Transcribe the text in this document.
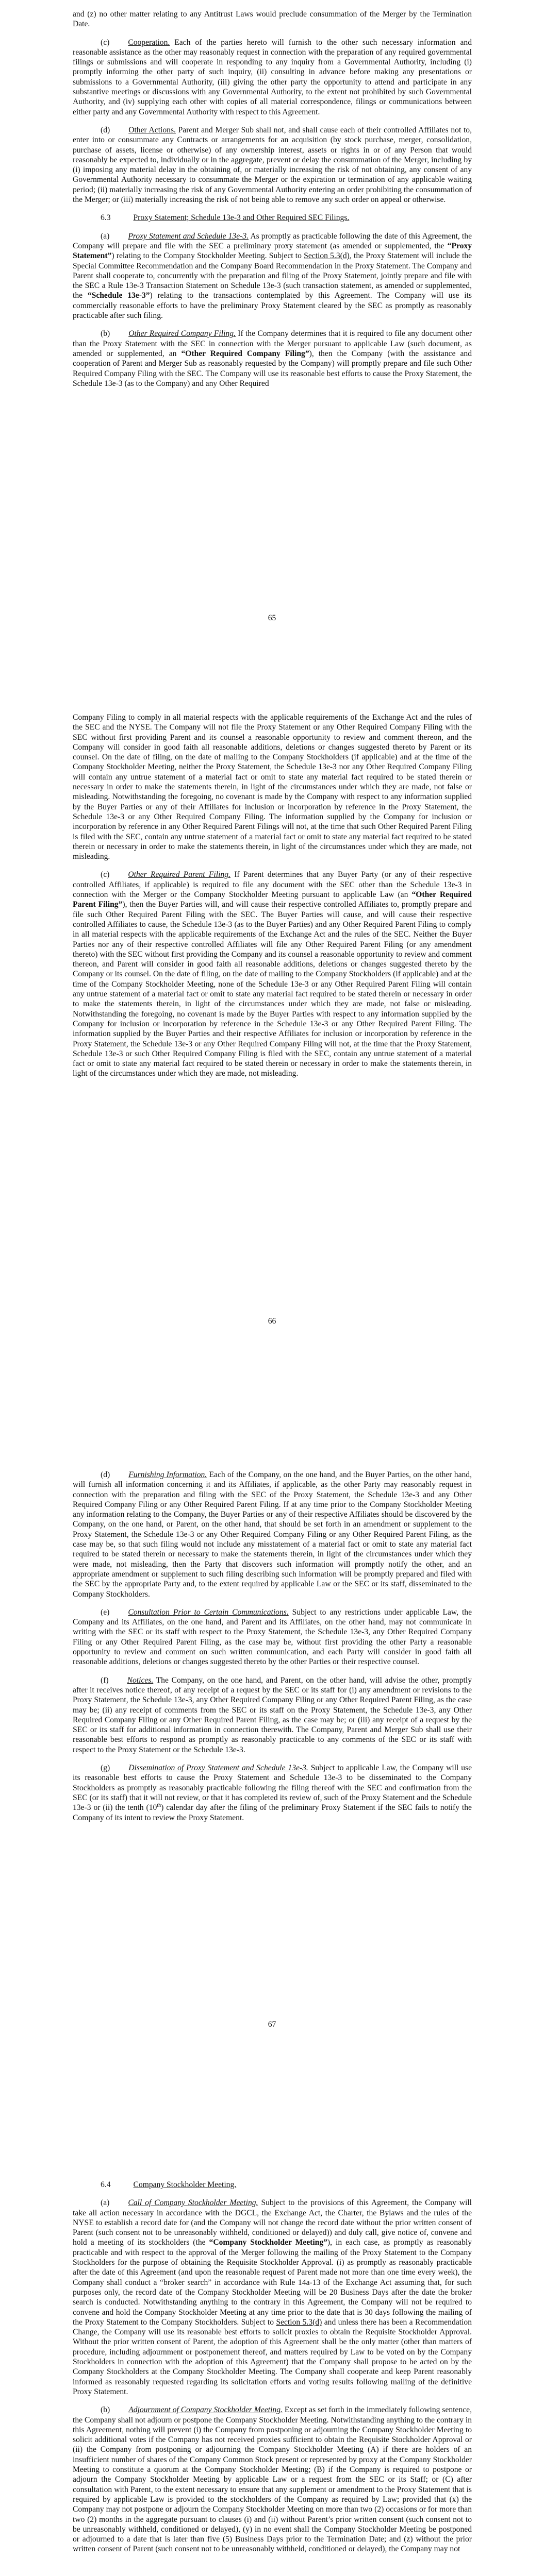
and (z) no other matter relating to any Antitrust Laws would preclude consummation of the Merger by the Termination Date.

(c) Cooperation. Each of the parties hereto will furnish to the other such necessary information and reasonable assistance as the other may reasonably request in connection with the preparation of any required governmental filings or submissions and will cooperate in responding to any inquiry from a Governmental Authority, including (i) promptly informing the other party of such inquiry, (ii) consulting in advance before making any presentations or submissions to a Governmental Authority, (iii) giving the other party the opportunity to attend and participate in any substantive meetings or discussions with any Governmental Authority, to the extent not prohibited by such Governmental Authority, and (iv) supplying each other with copies of all material correspondence, filings or communications between either party and any Governmental Authority with respect to this Agreement.

(d) Other Actions. Parent and Merger Sub shall not, and shall cause each of their controlled Affiliates not to, enter into or consummate any Contracts or arrangements for an acquisition (by stock purchase, merger, consolidation, purchase of assets, license or otherwise) of any ownership interest, assets or rights in or of any Person that would reasonably be expected to, individually or in the aggregate, prevent or delay the consummation of the Merger, including by (i) imposing any material delay in the obtaining of, or materially increasing the risk of not obtaining, any consent of any Governmental Authority necessary to consummate the Merger or the expiration or termination of any applicable waiting period; (ii) materially increasing the risk of any Governmental Authority entering an order prohibiting the consummation of the Merger; or (iii) materially increasing the risk of not being able to remove any such order on appeal or otherwise.

6.3	Proxy Statement; Schedule 13e-3 and Other Required SEC Filings.

(a) Proxy Statement and Schedule 13e-3. As promptly as practicable following the date of this Agreement, the Company will prepare and file with the SEC a preliminary proxy statement (as amended or supplemented, the “Proxy Statement”) relating to the Company Stockholder Meeting. Subject to Section 5.3(d), the Proxy Statement will include the Special Committee Recommendation and the Company Board Recommendation in the Proxy Statement. The Company and Parent shall cooperate to, concurrently with the preparation and filing of the Proxy Statement, jointly prepare and file with the SEC a Rule 13e-3 Transaction Statement on Schedule 13e-3 (such transaction statement, as amended or supplemented, the “Schedule 13e-3”) relating to the transactions contemplated by this Agreement. The Company will use its commercially reasonable efforts to have the preliminary Proxy Statement cleared by the SEC as promptly as reasonably practicable after such filing.

(b) Other Required Company Filing. If the Company determines that it is required to file any document other than the Proxy Statement with the SEC in connection with the Merger pursuant to applicable Law (such document, as amended or supplemented, an “Other Required Company Filing”), then the Company (with the assistance and cooperation of Parent and Merger Sub as reasonably requested by the Company) will promptly prepare and file such Other Required Company Filing with the SEC. The Company will use its reasonable best efforts to cause the Proxy Statement, the Schedule 13e-3 (as to the Company) and any Other Required

65

Company Filing to comply in all material respects with the applicable requirements of the Exchange Act and the rules of the SEC and the NYSE. The Company will not file the Proxy Statement or any Other Required Company Filing with the SEC without first providing Parent and its counsel a reasonable opportunity to review and comment thereon, and the Company will consider in good faith all reasonable additions, deletions or changes suggested thereto by Parent or its counsel. On the date of filing, on the date of mailing to the Company Stockholders (if applicable) and at the time of the Company Stockholder Meeting, neither the Proxy Statement, the Schedule 13e-3 nor any Other Required Company Filing will contain any untrue statement of a material fact or omit to state any material fact required to be stated therein or necessary in order to make the statements therein, in light of the circumstances under which they are made, not false or misleading. Notwithstanding the foregoing, no covenant is made by the Company with respect to any information supplied by the Buyer Parties or any of their Affiliates for inclusion or incorporation by reference in the Proxy Statement, the Schedule 13e-3 or any Other Required Company Filing. The information supplied by the Company for inclusion or incorporation by reference in any Other Required Parent Filings will not, at the time that such Other Required Parent Filing is filed with the SEC, contain any untrue statement of a material fact or omit to state any material fact required to be stated therein or necessary in order to make the statements therein, in light of the circumstances under which they are made, not misleading.

(c) Other Required Parent Filing. If Parent determines that any Buyer Party (or any of their respective controlled Affiliates, if applicable) is required to file any document with the SEC other than the Schedule 13e-3 in connection with the Merger or the Company Stockholder Meeting pursuant to applicable Law (an “Other Required Parent Filing”), then the Buyer Parties will, and will cause their respective controlled Affiliates to, promptly prepare and file such Other Required Parent Filing with the SEC. The Buyer Parties will cause, and will cause their respective controlled Affiliates to cause, the Schedule 13e-3 (as to the Buyer Parties) and any Other Required Parent Filing to comply in all material respects with the applicable requirements of the Exchange Act and the rules of the SEC. Neither the Buyer Parties nor any of their respective controlled Affiliates will file any Other Required Parent Filing (or any amendment thereto) with the SEC without first providing the Company and its counsel a reasonable opportunity to review and comment thereon, and Parent will consider in good faith all reasonable additions, deletions or changes suggested thereto by the Company or its counsel. On the date of filing, on the date of mailing to the Company Stockholders (if applicable) and at the time of the Company Stockholder Meeting, none of the Schedule 13e-3 or any Other Required Parent Filing will contain any untrue statement of a material fact or omit to state any material fact required to be stated therein or necessary in order to make the statements therein, in light of the circumstances under which they are made, not false or misleading. Notwithstanding the foregoing, no covenant is made by the Buyer Parties with respect to any information supplied by the Company for inclusion or incorporation by reference in the Schedule 13e-3 or any Other Required Parent Filing. The information supplied by the Buyer Parties and their respective Affiliates for inclusion or incorporation by reference in the Proxy Statement, the Schedule 13e-3 or any Other Required Company Filing will not, at the time that the Proxy Statement, Schedule 13e-3 or such Other Required Company Filing is filed with the SEC, contain any untrue statement of a material fact or omit to state any material fact required to be stated therein or necessary in order to make the statements therein, in light of the circumstances under which they are made, not misleading.

66

(d) Furnishing Information. Each of the Company, on the one hand, and the Buyer Parties, on the other hand, will furnish all information concerning it and its Affiliates, if applicable, as the other Party may reasonably request in connection with the preparation and filing with the SEC of the Proxy Statement, the Schedule 13e-3 and any Other Required Company Filing or any Other Required Parent Filing. If at any time prior to the Company Stockholder Meeting any information relating to the Company, the Buyer Parties or any of their respective Affiliates should be discovered by the Company, on the one hand, or Parent, on the other hand, that should be set forth in an amendment or supplement to the Proxy Statement, the Schedule 13e-3 or any Other Required Company Filing or any Other Required Parent Filing, as the case may be, so that such filing would not include any misstatement of a material fact or omit to state any material fact required to be stated therein or necessary to make the statements therein, in light of the circumstances under which they were made, not misleading, then the Party that discovers such information will promptly notify the other, and an appropriate amendment or supplement to such filing describing such information will be promptly prepared and filed with the SEC by the appropriate Party and, to the extent required by applicable Law or the SEC or its staff, disseminated to the Company Stockholders.

(e) Consultation Prior to Certain Communications. Subject to any restrictions under applicable Law, the Company and its Affiliates, on the one hand, and Parent and its Affiliates, on the other hand, may not communicate in writing with the SEC or its staff with respect to the Proxy Statement, the Schedule 13e-3, any Other Required Company Filing or any Other Required Parent Filing, as the case may be, without first providing the other Party a reasonable opportunity to review and comment on such written communication, and each Party will consider in good faith all reasonable additions, deletions or changes suggested thereto by the other Parties or their respective counsel.

(f) Notices. The Company, on the one hand, and Parent, on the other hand, will advise the other, promptly after it receives notice thereof, of any receipt of a request by the SEC or its staff for (i) any amendment or revisions to the Proxy Statement, the Schedule 13e-3, any Other Required Company Filing or any Other Required Parent Filing, as the case may be; (ii) any receipt of comments from the SEC or its staff on the Proxy Statement, the Schedule 13e-3, any Other Required Company Filing or any Other Required Parent Filing, as the case may be; or (iii) any receipt of a request by the SEC or its staff for additional information in connection therewith. The Company, Parent and Merger Sub shall use their reasonable best efforts to respond as promptly as reasonably practicable to any comments of the SEC or its staff with respect to the Proxy Statement or the Schedule 13e-3.

(g) Dissemination of Proxy Statement and Schedule 13e-3. Subject to applicable Law, the Company will use its reasonable best efforts to cause the Proxy Statement and Schedule 13e-3 to be disseminated to the Company Stockholders as promptly as reasonably practicable following the filing thereof with the SEC and confirmation from the SEC (or its staff) that it will not review, or that it has completed its review of, such of the Proxy Statement and the Schedule 13e-3 or (ii) the tenth (10th) calendar day after the filing of the preliminary Proxy Statement if the SEC fails to notify the Company of its intent to review the Proxy Statement.

67

6.4	Company Stockholder Meeting.

(a) Call of Company Stockholder Meeting. Subject to the provisions of this Agreement, the Company will take all action necessary in accordance with the DGCL, the Exchange Act, the Charter, the Bylaws and the rules of the NYSE to establish a record date for (and the Company will not change the record date without the prior written consent of Parent (such consent not to be unreasonably withheld, conditioned or delayed)) and duly call, give notice of, convene and hold a meeting of its stockholders (the “Company Stockholder Meeting”), in each case, as promptly as reasonably practicable and with respect to the approval of the Merger following the mailing of the Proxy Statement to the Company Stockholders for the purpose of obtaining the Requisite Stockholder Approval. (i) as promptly as reasonably practicable after the date of this Agreement (and upon the reasonable request of Parent made not more than one time every week), the Company shall conduct a “broker search” in accordance with Rule 14a-13 of the Exchange Act assuming that, for such purposes only, the record date of the Company Stockholder Meeting will be 20 Business Days after the date the broker search is conducted. Notwithstanding anything to the contrary in this Agreement, the Company will not be required to convene and hold the Company Stockholder Meeting at any time prior to the date that is 30 days following the mailing of the Proxy Statement to the Company Stockholders. Subject to Section 5.3(d) and unless there has been a Recommendation Change, the Company will use its reasonable best efforts to solicit proxies to obtain the Requisite Stockholder Approval. Without the prior written consent of Parent, the adoption of this Agreement shall be the only matter (other than matters of procedure, including adjournment or postponement thereof, and matters required by Law to be voted on by the Company Stockholders in connection with the adoption of this Agreement) that the Company shall propose to be acted on by the Company Stockholders at the Company Stockholder Meeting. The Company shall cooperate and keep Parent reasonably informed as reasonably requested regarding its solicitation efforts and voting results following mailing of the definitive Proxy Statement.

(b) Adjournment of Company Stockholder Meeting. Except as set forth in the immediately following sentence, the Company shall not adjourn or postpone the Company Stockholder Meeting. Notwithstanding anything to the contrary in this Agreement, nothing will prevent (i) the Company from postponing or adjourning the Company Stockholder Meeting to solicit additional votes if the Company has not received proxies sufficient to obtain the Requisite Stockholder Approval or (ii) the Company from postponing or adjourning the Company Stockholder Meeting (A) if there are holders of an insufficient number of shares of the Company Common Stock present or represented by proxy at the Company Stockholder Meeting to constitute a quorum at the Company Stockholder Meeting; (B) if the Company is required to postpone or adjourn the Company Stockholder Meeting by applicable Law or a request from the SEC or its Staff; or (C) after consultation with Parent, to the extent necessary to ensure that any supplement or amendment to the Proxy Statement that is required by applicable Law is provided to the stockholders of the Company as required by Law; provided that (x) the Company may not postpone or adjourn the Company Stockholder Meeting on more than two (2) occasions or for more than two (2) months in the aggregate pursuant to clauses (i) and (ii) without Parent’s prior written consent (such consent not to be unreasonably withheld, conditioned or delayed), (y) in no event shall the Company Stockholder Meeting be postponed or adjourned to a date that is later than five (5) Business Days prior to the Termination Date; and (z) without the prior written consent of Parent (such consent not to be unreasonably withheld, conditioned or delayed), the Company may not
